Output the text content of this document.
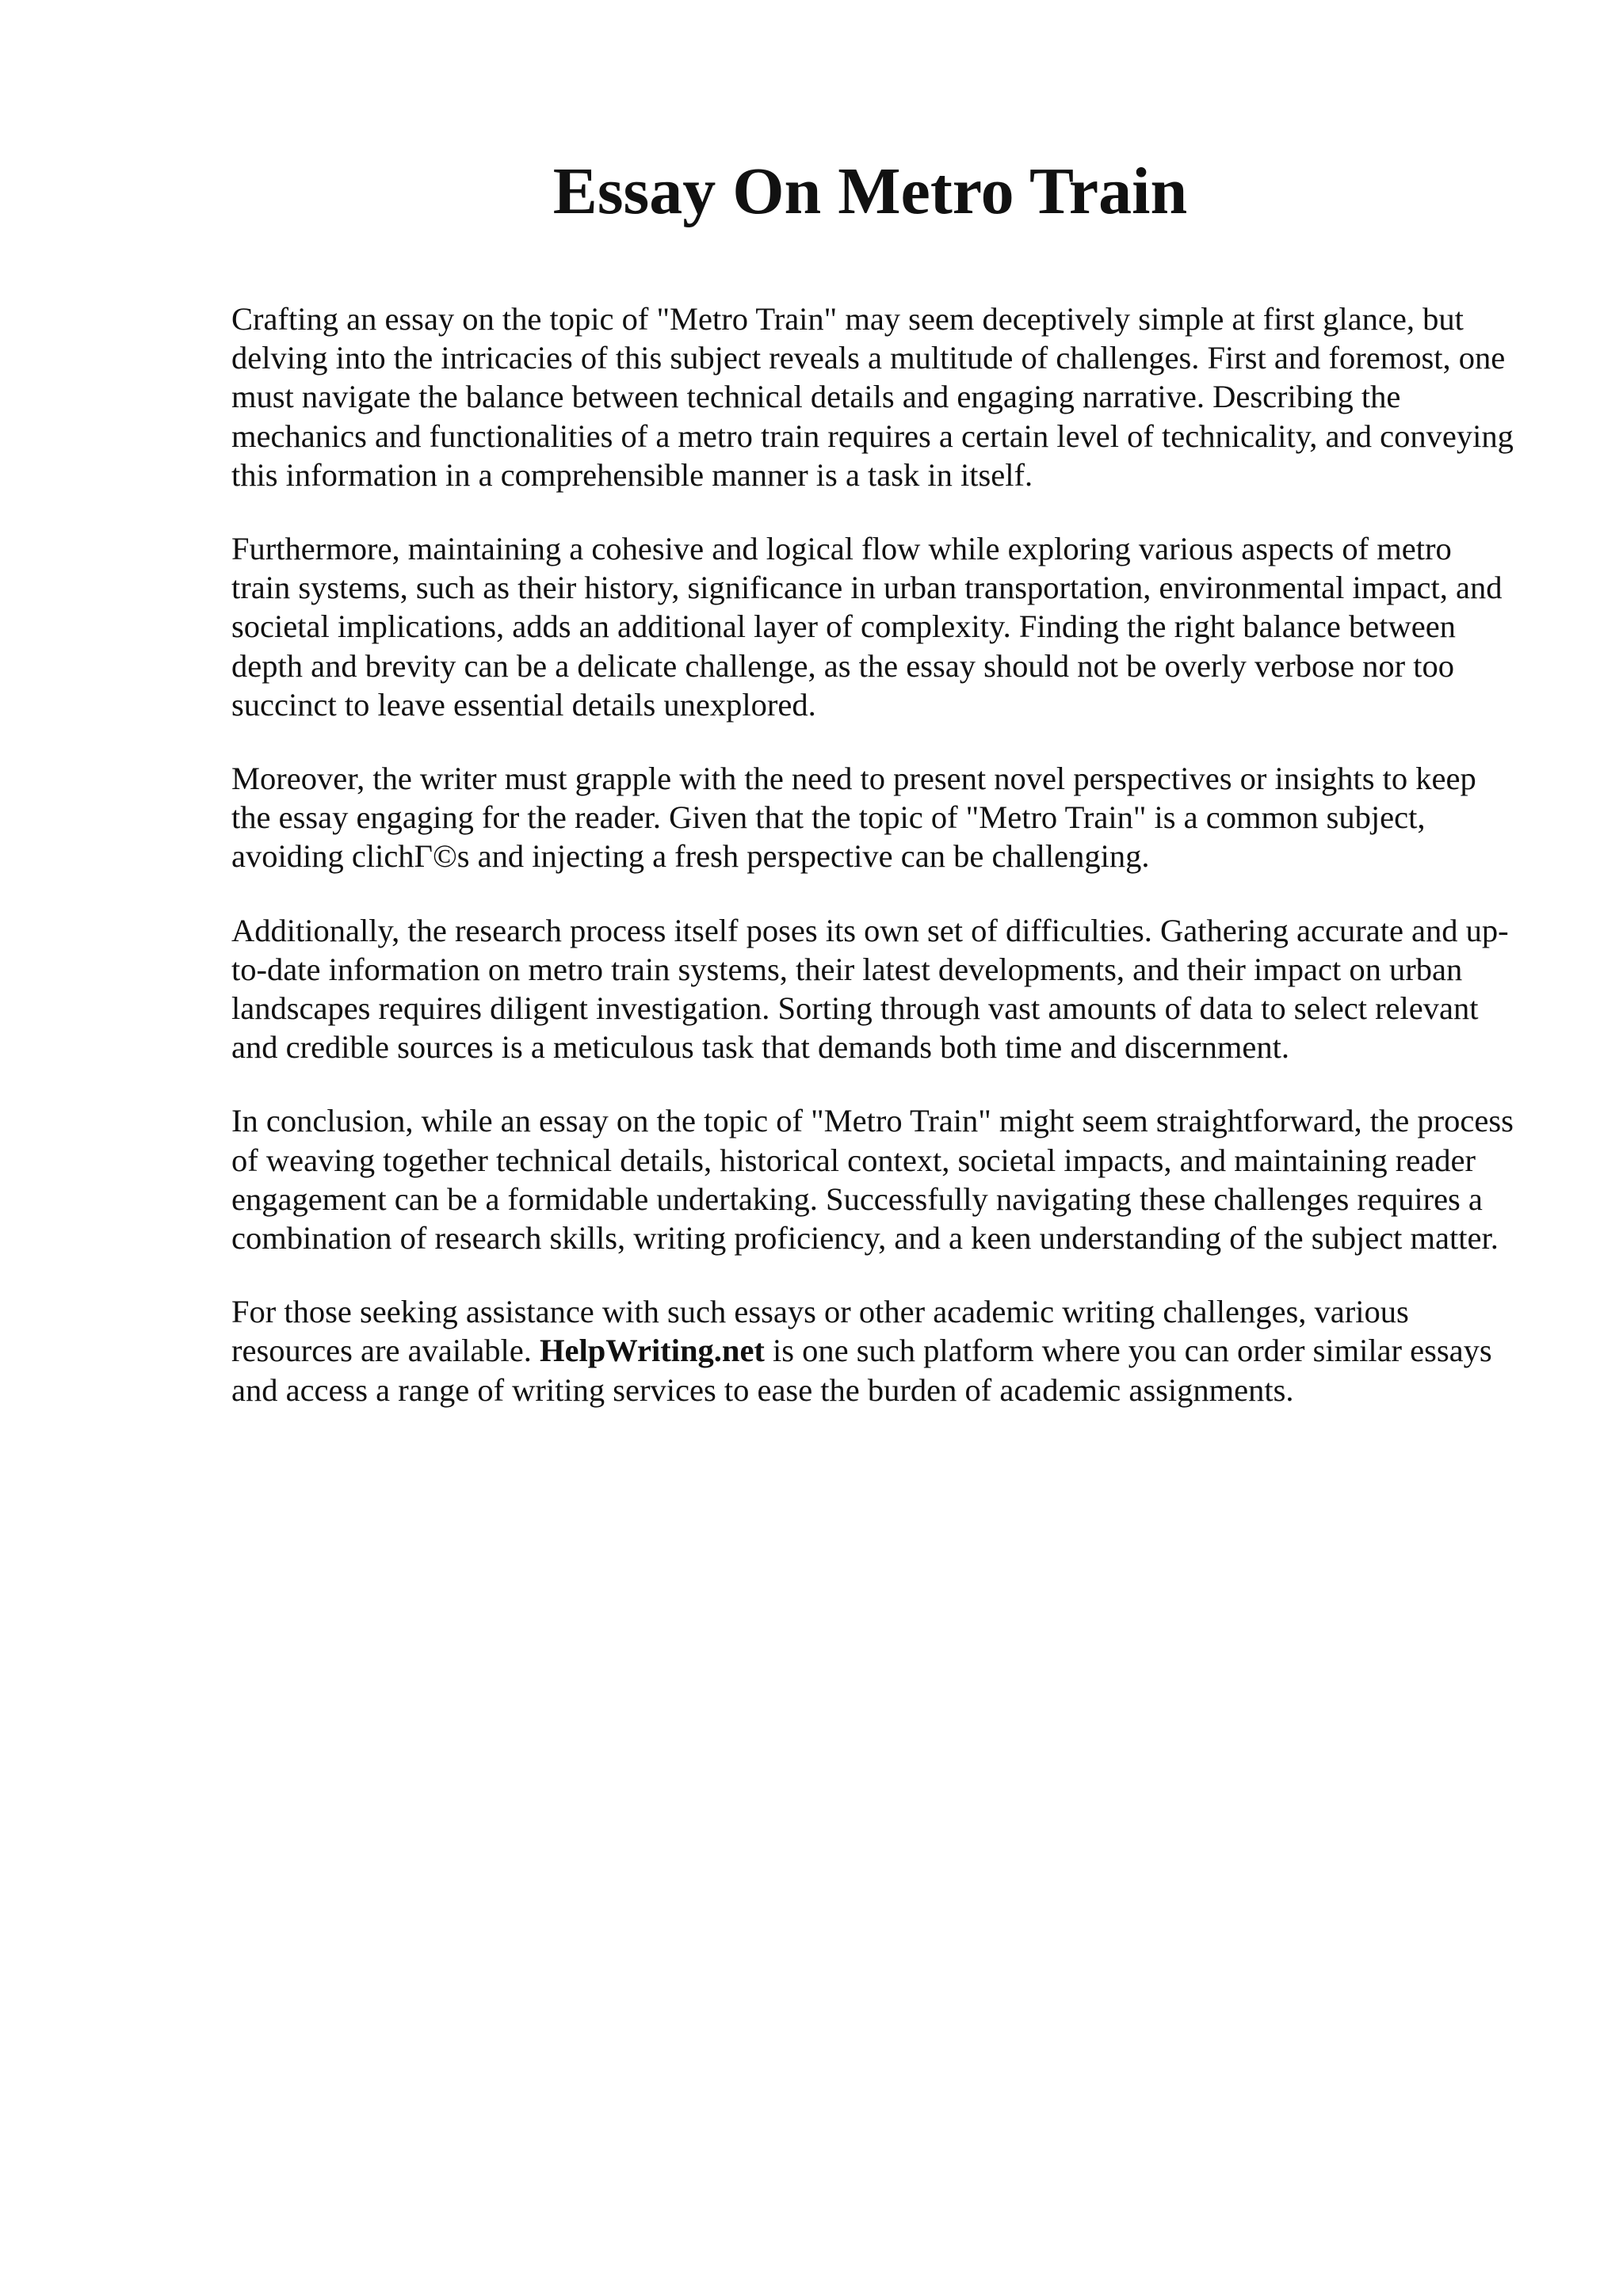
Essay On Metro Train

Crafting an essay on the topic of "Metro Train" may seem deceptively simple at first glance, but delving into the intricacies of this subject reveals a multitude of challenges. First and foremost, one must navigate the balance between technical details and engaging narrative. Describing the mechanics and functionalities of a metro train requires a certain level of technicality, and conveying this information in a comprehensible manner is a task in itself.

Furthermore, maintaining a cohesive and logical flow while exploring various aspects of metro train systems, such as their history, significance in urban transportation, environmental impact, and societal implications, adds an additional layer of complexity. Finding the right balance between depth and brevity can be a delicate challenge, as the essay should not be overly verbose nor too succinct to leave essential details unexplored.

Moreover, the writer must grapple with the need to present novel perspectives or insights to keep the essay engaging for the reader. Given that the topic of "Metro Train" is a common subject, avoiding clichГ©s and injecting a fresh perspective can be challenging.

Additionally, the research process itself poses its own set of difficulties. Gathering accurate and up-to-date information on metro train systems, their latest developments, and their impact on urban landscapes requires diligent investigation. Sorting through vast amounts of data to select relevant and credible sources is a meticulous task that demands both time and discernment.

In conclusion, while an essay on the topic of "Metro Train" might seem straightforward, the process of weaving together technical details, historical context, societal impacts, and maintaining reader engagement can be a formidable undertaking. Successfully navigating these challenges requires a combination of research skills, writing proficiency, and a keen understanding of the subject matter.

For those seeking assistance with such essays or other academic writing challenges, various resources are available. HelpWriting.net is one such platform where you can order similar essays and access a range of writing services to ease the burden of academic assignments.
